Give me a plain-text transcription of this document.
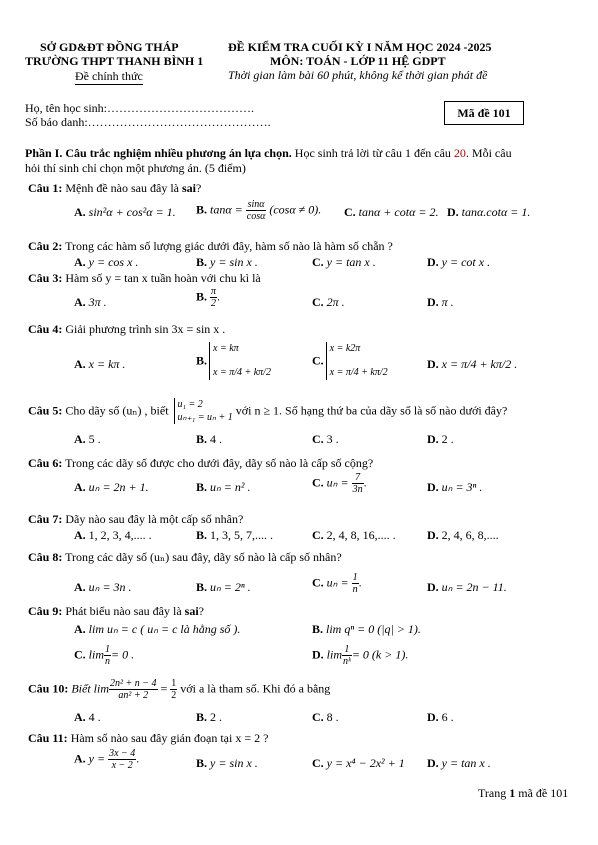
SỞ GD&ĐT ĐỒNG THÁP
TRƯỜNG THPT THANH BÌNH 1
Đề chính thức
ĐỀ KIỂM TRA CUỐI KỲ I NĂM HỌC 2024 -2025
MÔN: TOÁN - LỚP 11 HỆ GDPT
Thời gian làm bài 60 phút, không kể thời gian phát đề
Họ, tên học sinh:……………………………….
Số báo danh:……………………………………….
Mã đề 101
Phần I. Câu trắc nghiệm nhiều phương án lựa chọn. Học sinh trả lời từ câu 1 đến câu 20. Mỗi câu
hỏi thí sinh chỉ chọn một phương án. (5 điểm)
Câu 1: Mệnh đề nào sau đây là sai?
A. sin²α + cos²α = 1. B. $\tan\alpha = \frac{\sin\alpha}{\cos\alpha} (\cos\alpha \ne 0)$. C. tanα + cotα = 2. D. tanα.cotα = 1.
Câu 2: Trong các hàm số lượng giác dưới đây, hàm số nào là hàm số chẵn ?
A. y = cos x .	B. y = sin x .	C. y = tan x .	D. y = cot x .
Câu 3: Hàm số y = tan x tuần hoàn với chu kì là
A. 3π .	B. $\frac{\pi}{2}$ .	C. 2π .	D. π .
Câu 4: Giải phương trình sin 3x = sin x .
A. x = kπ .	B.
x = kπ
x = π/4 + kπ/2
C.
x = k2π
x = π/4 + kπ/2
D. x = π/4 + kπ/2 .
Câu 5: Cho dãy số (uₙ) , biết u₁ = 2
uₙ₊₁ = uₙ + 1 với n ≥ 1. Số hạng thứ ba của dãy số là số nào dưới đây?
A. 5 .	B. 4 .	C. 3 .	D. 2 .
Câu 6: Trong các dãy số được cho dưới đây, dãy số nào là cấp số cộng?
A. uₙ = 2n + 1.	B. uₙ = n² .	C. $u_n = \frac{7}{3n}$ .	D. uₙ = 3ⁿ .
Câu 7: Dãy nào sau đây là một cấp số nhân?
A. 1, 2, 3, 4,.... .	B. 1, 3, 5, 7,.... .	C. 2, 4, 8, 16,.... .	D. 2, 4, 6, 8,....
Câu 8: Trong các dãy số (uₙ) sau đây, dãy số nào là cấp số nhân?
A. uₙ = 3n .	B. uₙ = 2ⁿ .	C. $u_n = \frac{1}{n}$ .	D. uₙ = 2n − 11.
Câu 9: Phát biểu nào sau đây là sai?
A. lim uₙ = c ( uₙ = c là hằng số ).	B. lim qⁿ = 0 (|q| > 1).
C. $\lim \frac{1}{n} = 0$ .	D. $\lim \frac{1}{\text{nᵏ}} = 0$ (k > 1).
Câu 10: Biết $\lim \frac{\text{2n² + n − 4}}{\text{an² + 2}} = \frac{1}{2}$ với a là tham số. Khi đó a bằng
A. 4 .	B. 2 .	C. 8 .	D. 6 .
Câu 11: Hàm số nào sau đây gián đoạn tại x = 2 ?
A. $y = \frac{3x - 4}{x - 2}$ .	B. y = sin x .	C. y = x⁴ − 2x² + 1 D. y = tan x .
Trang 1 mã đề 101
